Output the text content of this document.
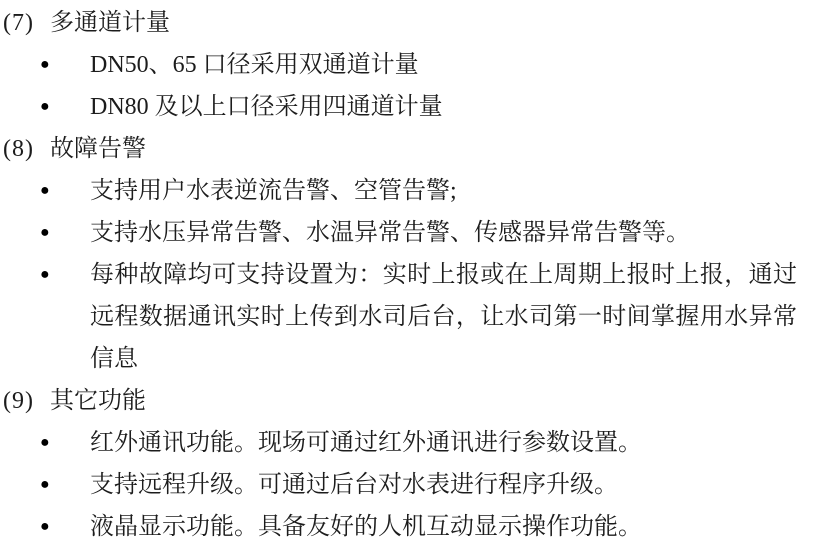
(7) 多通道计量
●	DN50、65 口径采用双通道计量
●	DN80 及以上口径采用四通道计量
(8) 故障告警
●	支持用户水表逆流告警、空管告警;
●	支持水压异常告警、水温异常告警、传感器异常告警等。
●	每种故障均可支持设置为：实时上报或在上周期上报时上报，通过远程数据通讯实时上传到水司后台，让水司第一时间掌握用水异常信息
(9) 其它功能
●	红外通讯功能。现场可通过红外通讯进行参数设置。
●	支持远程升级。可通过后台对水表进行程序升级。
●	液晶显示功能。具备友好的人机互动显示操作功能。
